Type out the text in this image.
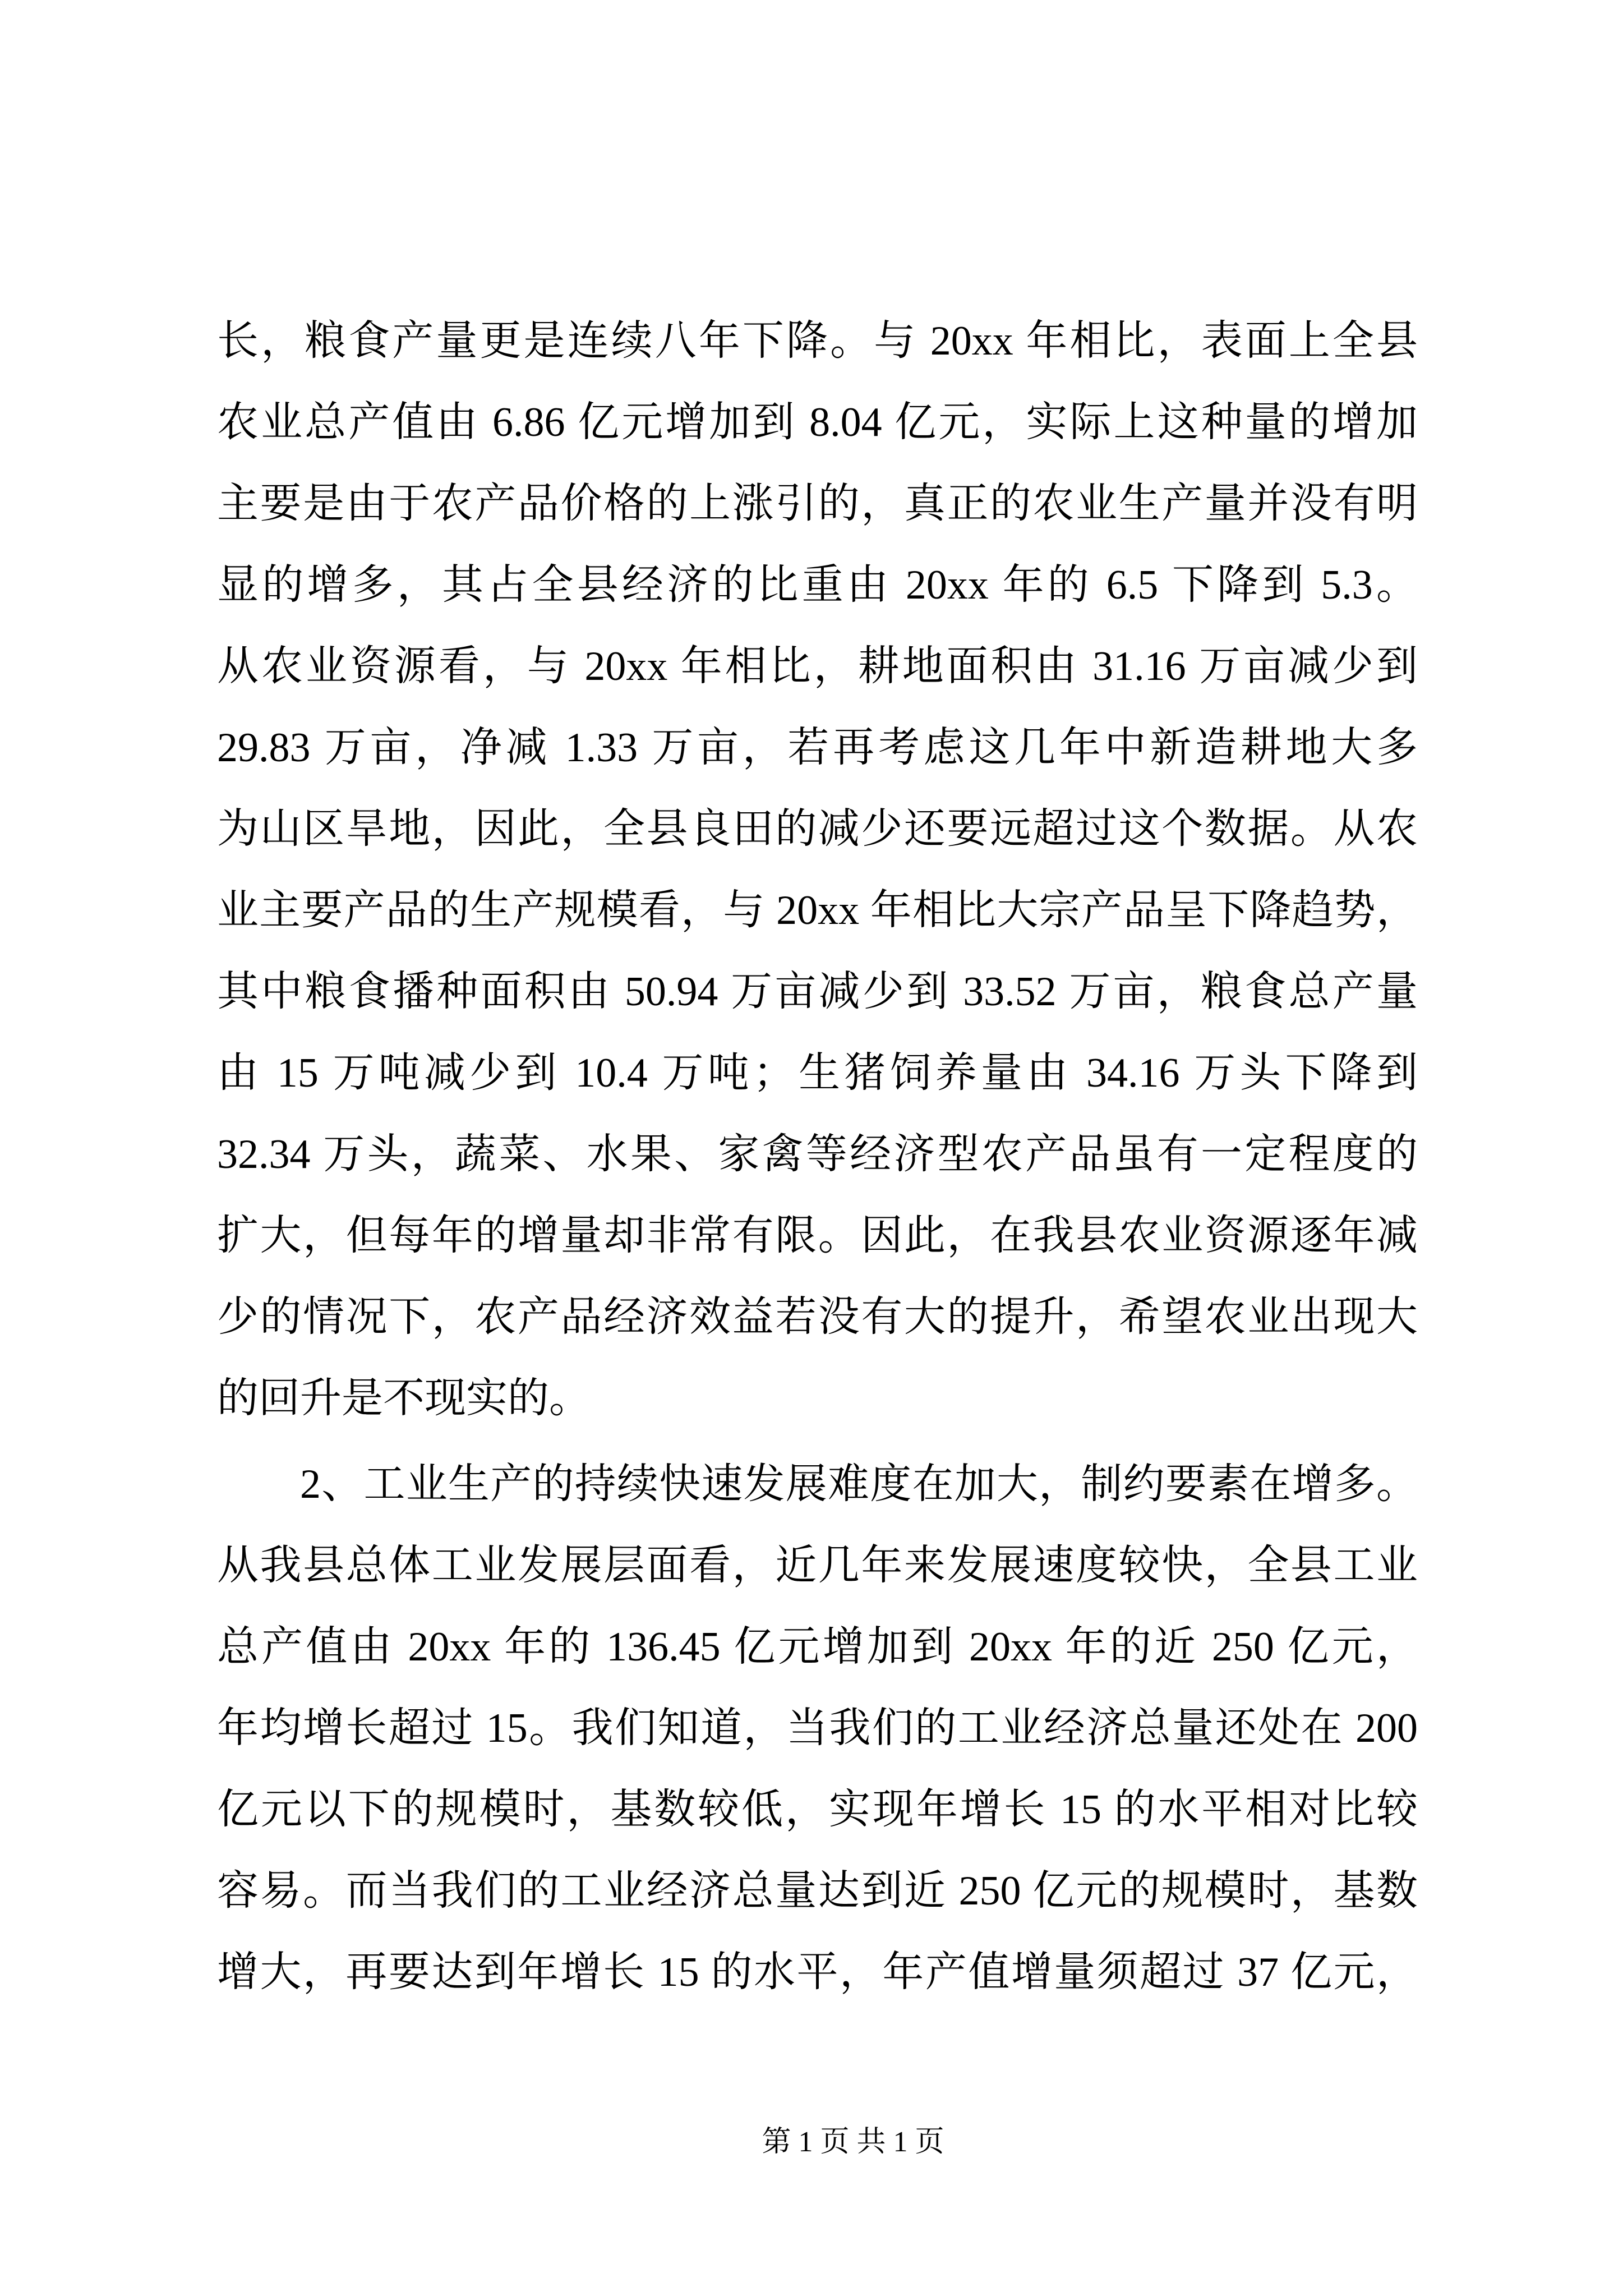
长，粮食产量更是连续八年下降。与 20xx 年相比，表面上全县
农业总产值由 6.86 亿元增加到 8.04 亿元，实际上这种量的增加
主要是由于农产品价格的上涨引的，真正的农业生产量并没有明
显的增多，其占全县经济的比重由 20xx 年的 6.5 下降到 5.3。
从农业资源看，与 20xx 年相比，耕地面积由 31.16 万亩减少到
29.83 万亩，净减 1.33 万亩，若再考虑这几年中新造耕地大多
为山区旱地，因此，全县良田的减少还要远超过这个数据。从农
业主要产品的生产规模看，与 20xx 年相比大宗产品呈下降趋势，
其中粮食播种面积由 50.94 万亩减少到 33.52 万亩，粮食总产量
由 15 万吨减少到 10.4 万吨；生猪饲养量由 34.16 万头下降到
32.34 万头，蔬菜、水果、家禽等经济型农产品虽有一定程度的
扩大，但每年的增量却非常有限。因此，在我县农业资源逐年减
少的情况下，农产品经济效益若没有大的提升，希望农业出现大
的回升是不现实的。
2、工业生产的持续快速发展难度在加大，制约要素在增多。
从我县总体工业发展层面看，近几年来发展速度较快，全县工业
总产值由 20xx 年的 136.45 亿元增加到 20xx 年的近 250 亿元，
年均增长超过 15。我们知道，当我们的工业经济总量还处在 200
亿元以下的规模时，基数较低，实现年增长 15 的水平相对比较
容易。而当我们的工业经济总量达到近 250 亿元的规模时，基数
增大，再要达到年增长 15 的水平，年产值增量须超过 37 亿元，
第 1 页 共 1 页
